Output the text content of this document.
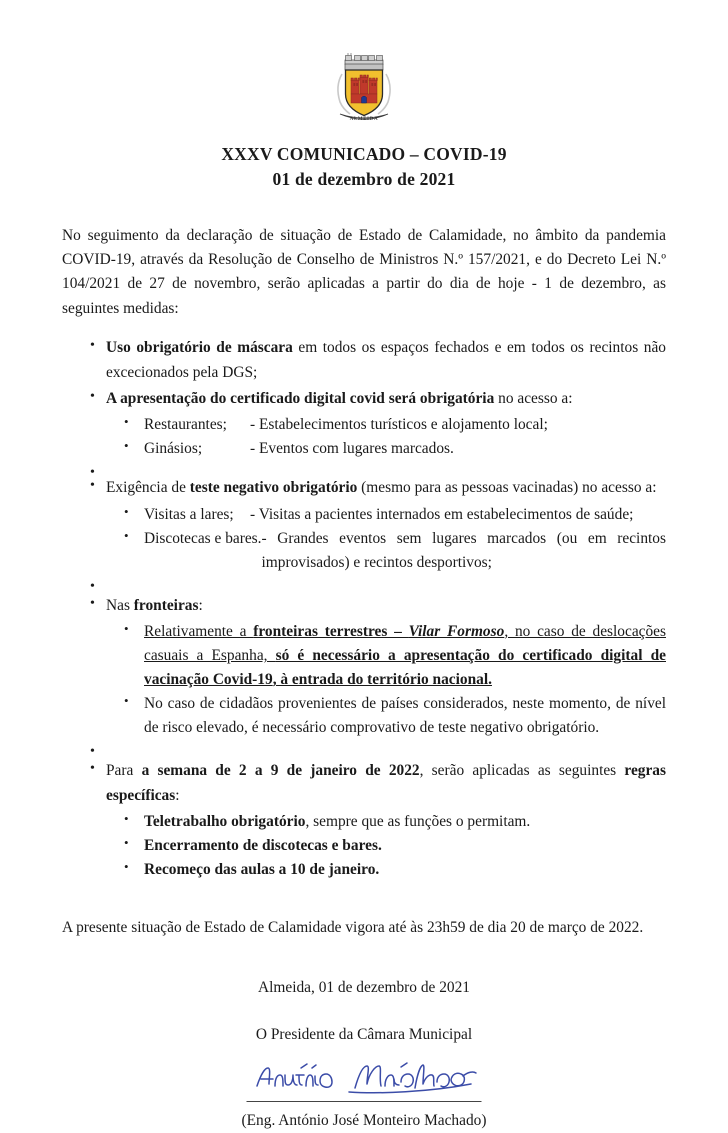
ALMEIDA
XXXV COMUNICADO – COVID-19
01 de dezembro de 2021

No seguimento da declaração de situação de Estado de Calamidade, no âmbito da pandemia COVID-19, através da Resolução de Conselho de Ministros N.º 157/2021, e do Decreto Lei N.º 104/2021 de 27 de novembro, serão aplicadas a partir do dia de hoje - 1 de dezembro, as seguintes medidas:

• Uso obrigatório de máscara em todos os espaços fechados e em todos os recintos não excecionados pela DGS;
• A apresentação do certificado digital covid será obrigatória no acesso a:
• Restaurantes;	- Estabelecimentos turísticos e alojamento local;
• Ginásios;	- Eventos com lugares marcados.
•
• Exigência de teste negativo obrigatório (mesmo para as pessoas vacinadas) no acesso a:
• Visitas a lares;	- Visitas a pacientes internados em estabelecimentos de saúde;
• Discotecas e bares. - Grandes eventos sem lugares marcados (ou em recintos improvisados) e recintos desportivos;
•
• Nas fronteiras:
• Relativamente a fronteiras terrestres – Vilar Formoso, no caso de deslocações casuais a Espanha, só é necessário a apresentação do certificado digital de vacinação Covid-19, à entrada do território nacional.
• No caso de cidadãos provenientes de países considerados, neste momento, de nível de risco elevado, é necessário comprovativo de teste negativo obrigatório.
•
• Para a semana de 2 a 9 de janeiro de 2022, serão aplicadas as seguintes regras específicas:
• Teletrabalho obrigatório, sempre que as funções o permitam.
• Encerramento de discotecas e bares.
• Recomeço das aulas a 10 de janeiro.

A presente situação de Estado de Calamidade vigora até às 23h59 de dia 20 de março de 2022.

Almeida, 01 de dezembro de 2021
O Presidente da Câmara Municipal
(Eng. António José Monteiro Machado)
